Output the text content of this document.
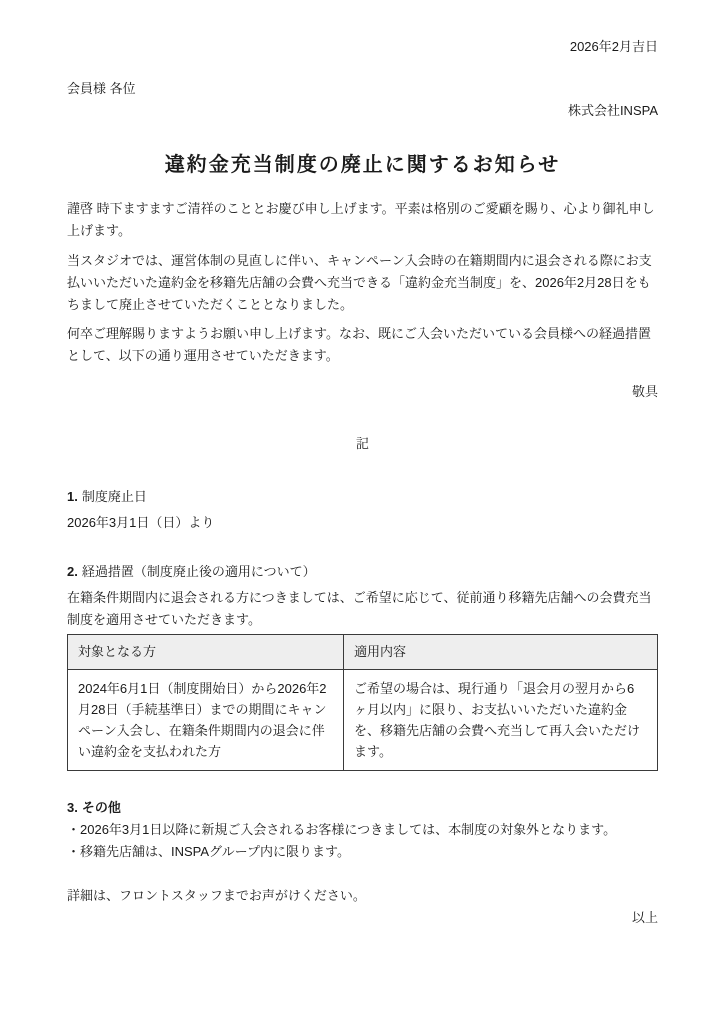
2026年2月吉日

会員様 各位

株式会社INSPA

違約金充当制度の廃止に関するお知らせ

謹啓 時下ますますご清祥のこととお慶び申し上げます。平素は格別のご愛顧を賜り、心より御礼申し上げます。

当スタジオでは、運営体制の見直しに伴い、キャンペーン入会時の在籍期間内に退会される際にお支払いいただいた違約金を移籍先店舗の会費へ充当できる「違約金充当制度」を、2026年2月28日をもちまして廃止させていただくこととなりました。

何卒ご理解賜りますようお願い申し上げます。なお、既にご入会いただいている会員様への経過措置として、以下の通り運用させていただきます。

敬具

記

1. 制度廃止日

2026年3月1日（日）より

2. 経過措置（制度廃止後の適用について）

在籍条件期間内に退会される方につきましては、ご希望に応じて、従前通り移籍先店舗への会費充当制度を適用させていただきます。

対象となる方	適用内容
2024年6月1日（制度開始日）から2026年2月28日（手続基準日）までの期間にキャンペーン入会し、在籍条件期間内の退会に伴い違約金を支払われた方	ご希望の場合は、現行通り「退会月の翌月から6ヶ月以内」に限り、お支払いいただいた違約金を、移籍先店舗の会費へ充当して再入会いただけます。

3. その他

・2026年3月1日以降に新規ご入会されるお客様につきましては、本制度の対象外となります。

・移籍先店舗は、INSPAグループ内に限ります。

詳細は、フロントスタッフまでお声がけください。

以上
